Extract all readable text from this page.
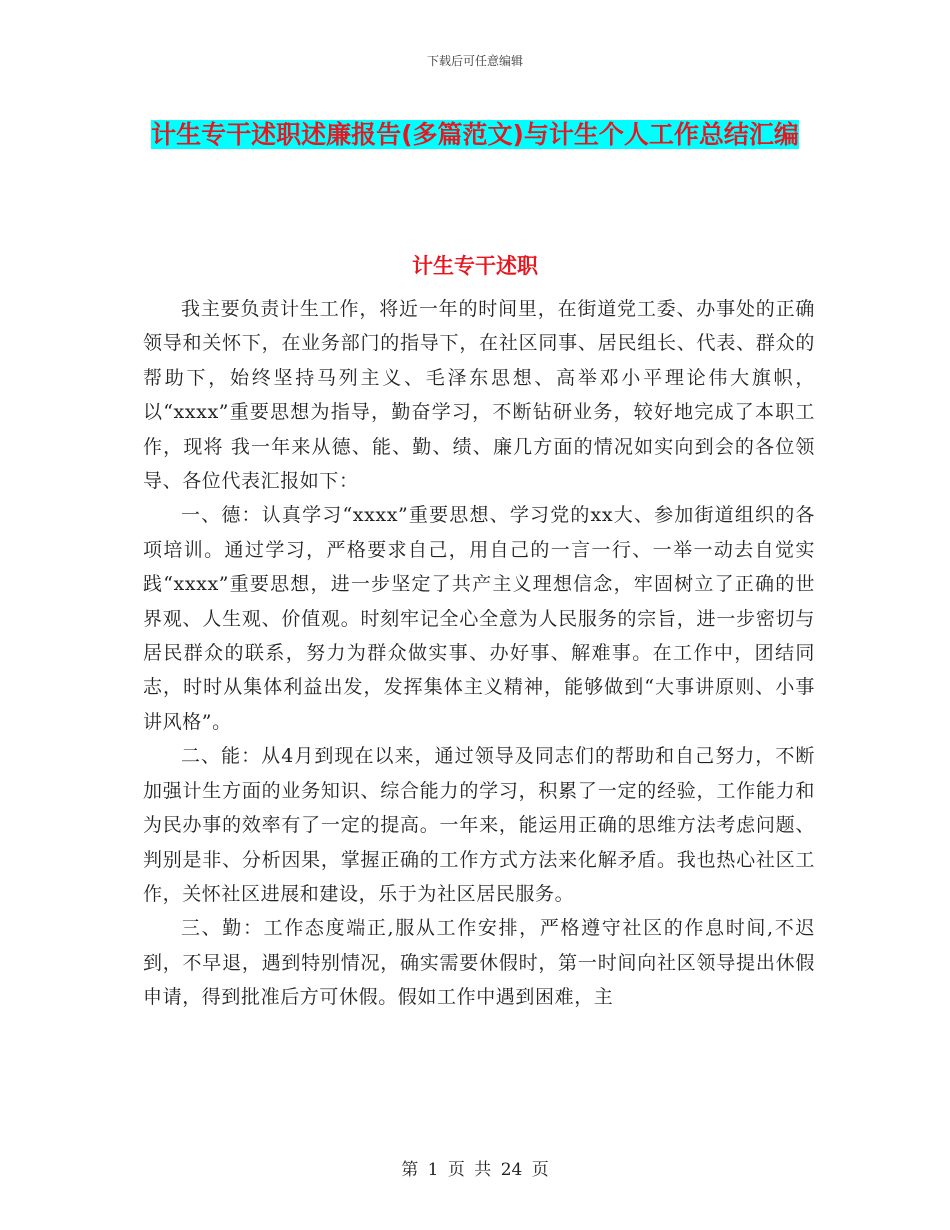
下载后可任意编辑
计生专干述职述廉报告(多篇范文)与计生个人工作总结汇编
计生专干述职

我主要负责计生工作，将近一年的时间里，在街道党工委、办事处的正确领导和关怀下，在业务部门的指导下，在社区同事、居民组长、代表、群众的帮助下，始终坚持马列主义、毛泽东思想、高举邓小平理论伟大旗帜，以“xxxx”重要思想为指导，勤奋学习，不断钻研业务，较好地完成了本职工作，现将 我一年来从德、能、勤、绩、廉几方面的情况如实向到会的各位领导、各位代表汇报如下：

一、德：认真学习“xxxx”重要思想、学习党的xx大、参加街道组织的各项培训。通过学习，严格要求自己，用自己的一言一行、一举一动去自觉实践“xxxx”重要思想，进一步坚定了共产主义理想信念，牢固树立了正确的世界观、人生观、价值观。时刻牢记全心全意为人民服务的宗旨，进一步密切与居民群众的联系，努力为群众做实事、办好事、解难事。在工作中，团结同志，时时从集体利益出发，发挥集体主义精神，能够做到“大事讲原则、小事讲风格”。

二、能：从4月到现在以来，通过领导及同志们的帮助和自己努力，不断加强计生方面的业务知识、综合能力的学习，积累了一定的经验，工作能力和为民办事的效率有了一定的提高。一年来，能运用正确的思维方法考虑问题、判别是非、分析因果，掌握正确的工作方式方法来化解矛盾。我也热心社区工作，关怀社区进展和建设，乐于为社区居民服务。

三、勤：工作态度端正,服从工作安排，严格遵守社区的作息时间,不迟到，不早退，遇到特别情况，确实需要休假时，第一时间向社区领导提出休假申请，得到批准后方可休假。假如工作中遇到困难，主

第 1 页 共 24 页
